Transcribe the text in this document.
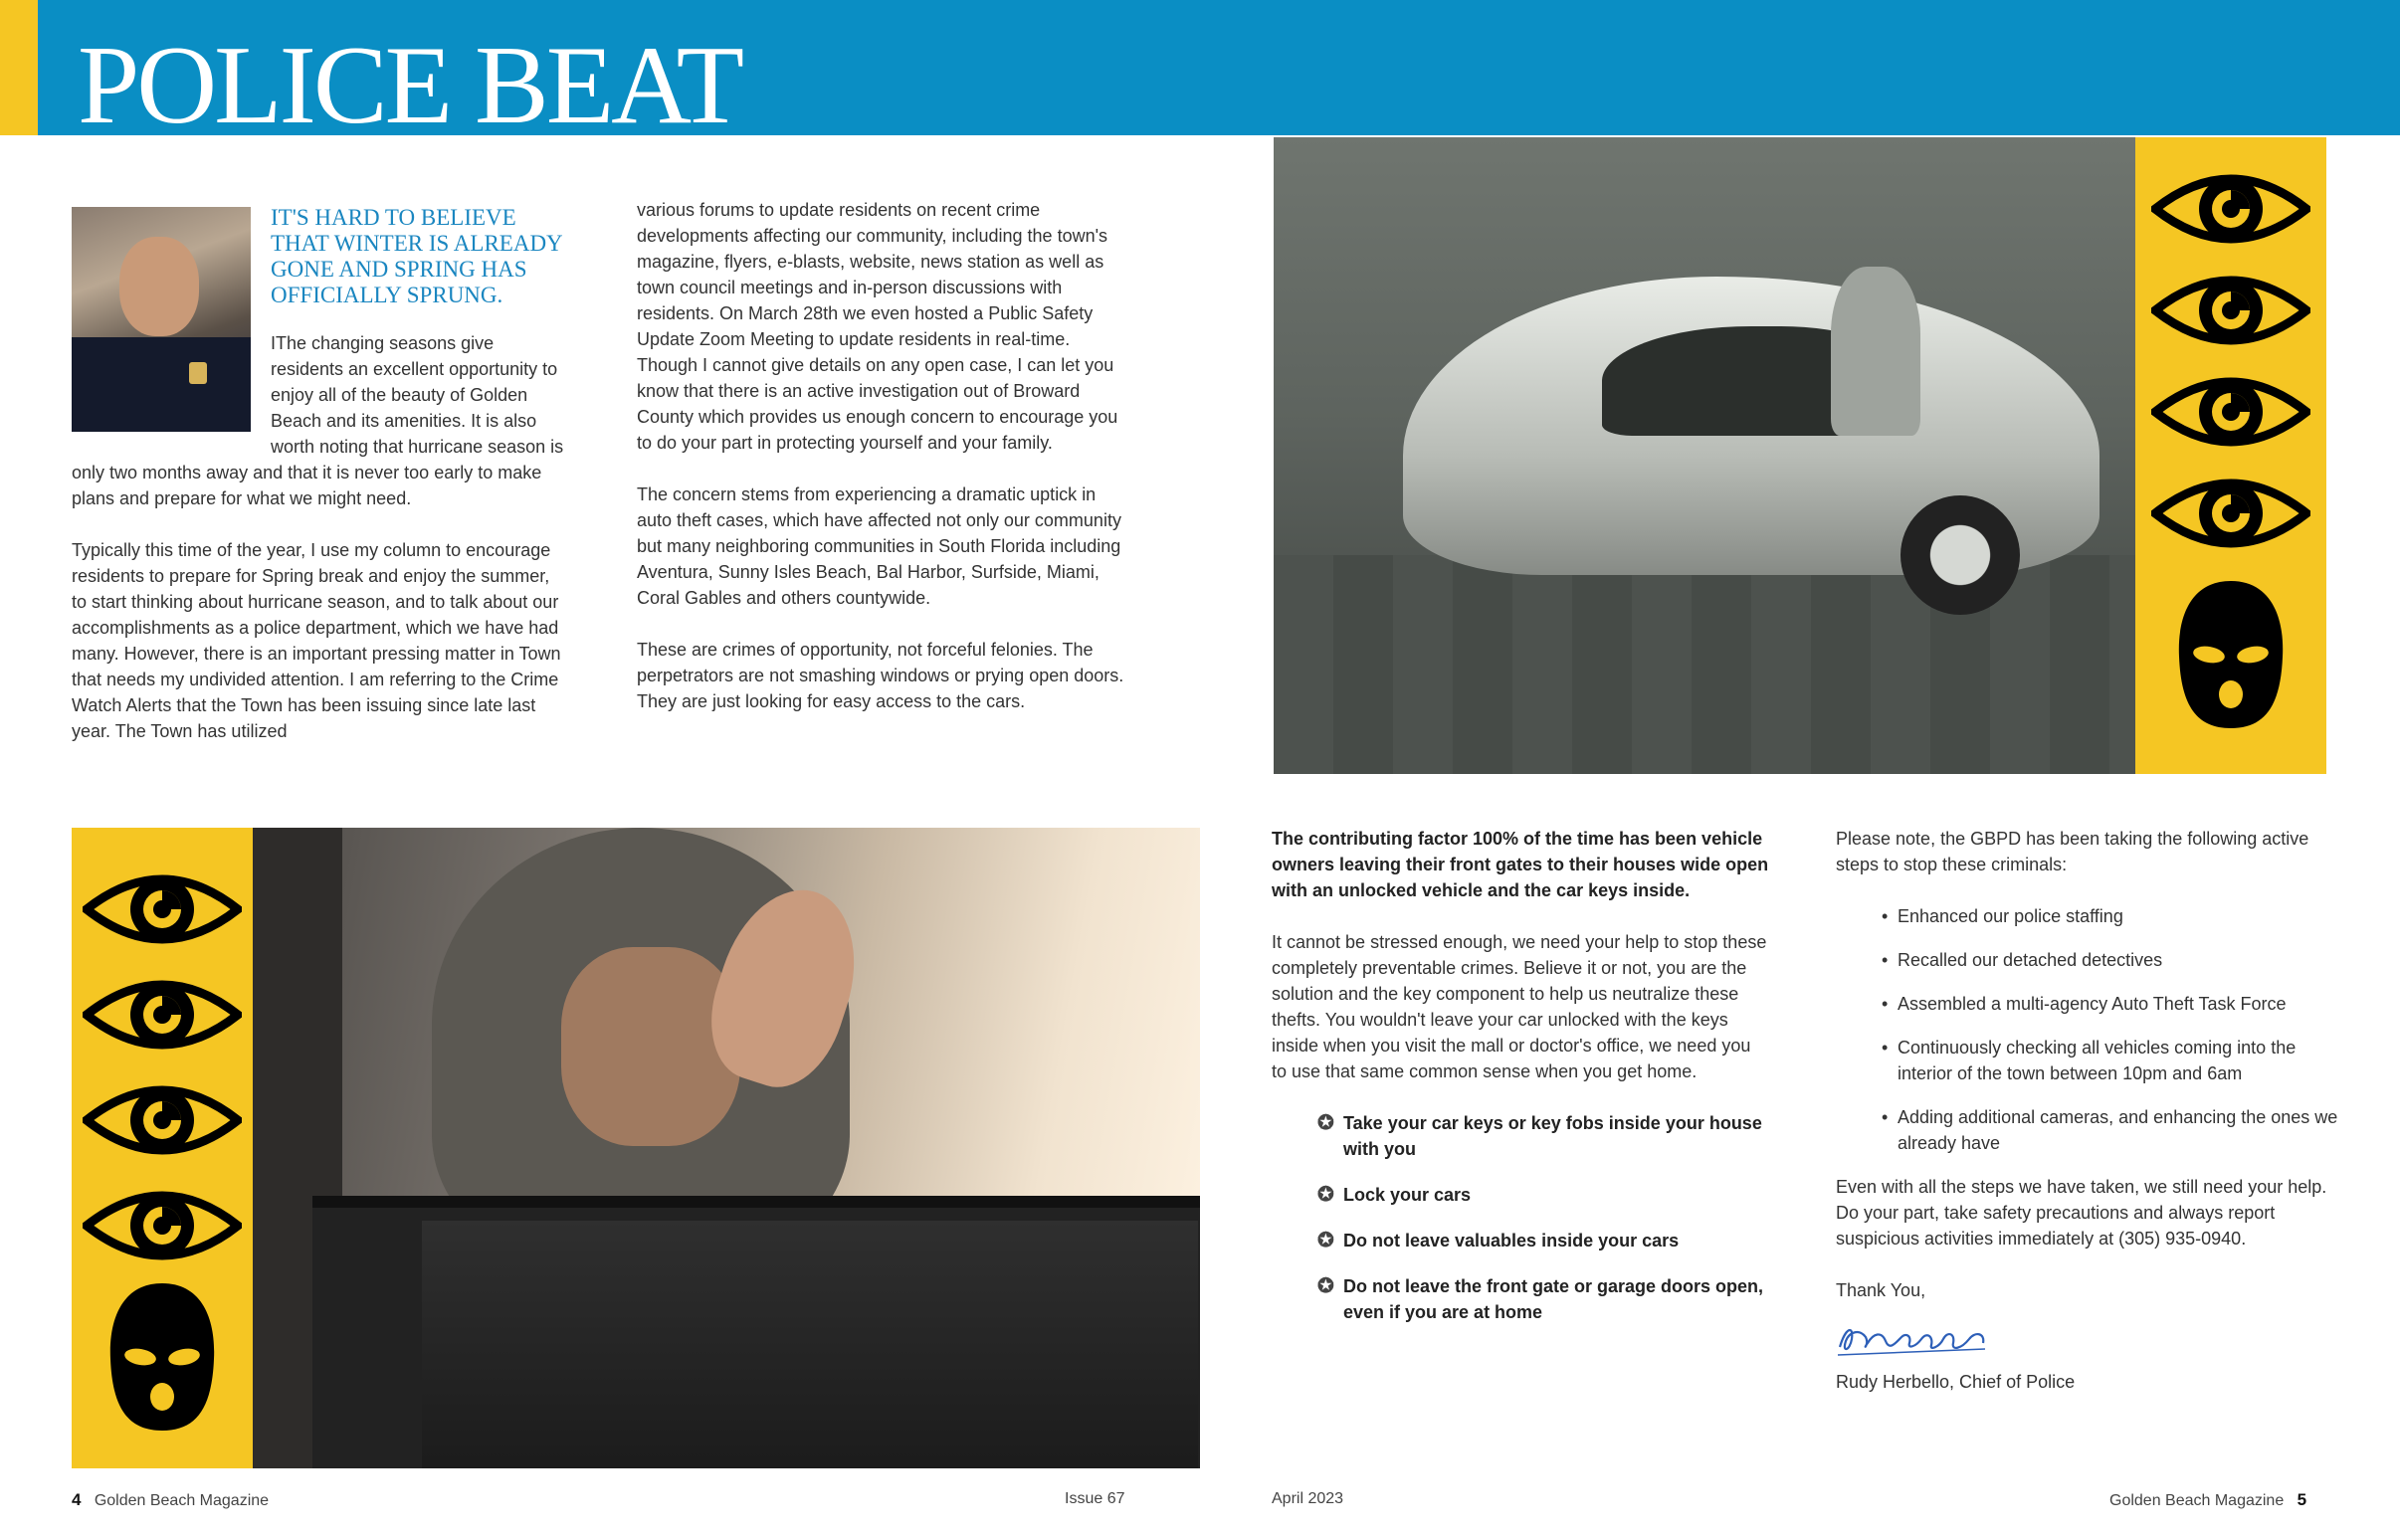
POLICE BEAT

IT'S HARD TO BELIEVE THAT WINTER IS ALREADY GONE AND SPRING HAS OFFICIALLY SPRUNG.

IThe changing seasons give residents an excellent opportunity to enjoy all of the beauty of Golden Beach and its amenities. It is also worth noting that hurricane season is only two months away and that it is never too early to make plans and prepare for what we might need.

Typically this time of the year, I use my column to encourage residents to prepare for Spring break and enjoy the summer, to start thinking about hurricane season, and to talk about our accomplishments as a police department, which we have had many. However, there is an important pressing matter in Town that needs my undivided attention. I am referring to the Crime Watch Alerts that the Town has been issuing since late last year. The Town has utilized

various forums to update residents on recent crime developments affecting our community, including the town's magazine, flyers, e-blasts, website, news station as well as town council meetings and in-person discussions with residents. On March 28th we even hosted a Public Safety Update Zoom Meeting to update residents in real-time. Though I cannot give details on any open case, I can let you know that there is an active investigation out of Broward County which provides us enough concern to encourage you to do your part in protecting yourself and your family.

The concern stems from experiencing a dramatic uptick in auto theft cases, which have affected not only our community but many neighboring communities in South Florida including Aventura, Sunny Isles Beach, Bal Harbor, Surfside, Miami, Coral Gables and others countywide.

These are crimes of opportunity, not forceful felonies. The perpetrators are not smashing windows or prying open doors. They are just looking for easy access to the cars.

The contributing factor 100% of the time has been vehicle owners leaving their front gates to their houses wide open with an unlocked vehicle and the car keys inside.

It cannot be stressed enough, we need your help to stop these completely preventable crimes. Believe it or not, you are the solution and the key component to help us neutralize these thefts. You wouldn't leave your car unlocked with the keys inside when you visit the mall or doctor's office, we need you to use that same common sense when you get home.

✪ Take your car keys or key fobs inside your house with you
✪ Lock your cars
✪ Do not leave valuables inside your cars
✪ Do not leave the front gate or garage doors open, even if you are at home

Please note, the GBPD has been taking the following active steps to stop these criminals:

• Enhanced our police staffing
• Recalled our detached detectives
• Assembled a multi-agency Auto Theft Task Force
• Continuously checking all vehicles coming into the interior of the town between 10pm and 6am
• Adding additional cameras, and enhancing the ones we already have

Even with all the steps we have taken, we still need your help. Do your part, take safety precautions and always report suspicious activities immediately at (305) 935-0940.

Thank You,
Rudy Herbello, Chief of Police
4 Golden Beach Magazine	Issue 67	April 2023	Golden Beach Magazine 5
